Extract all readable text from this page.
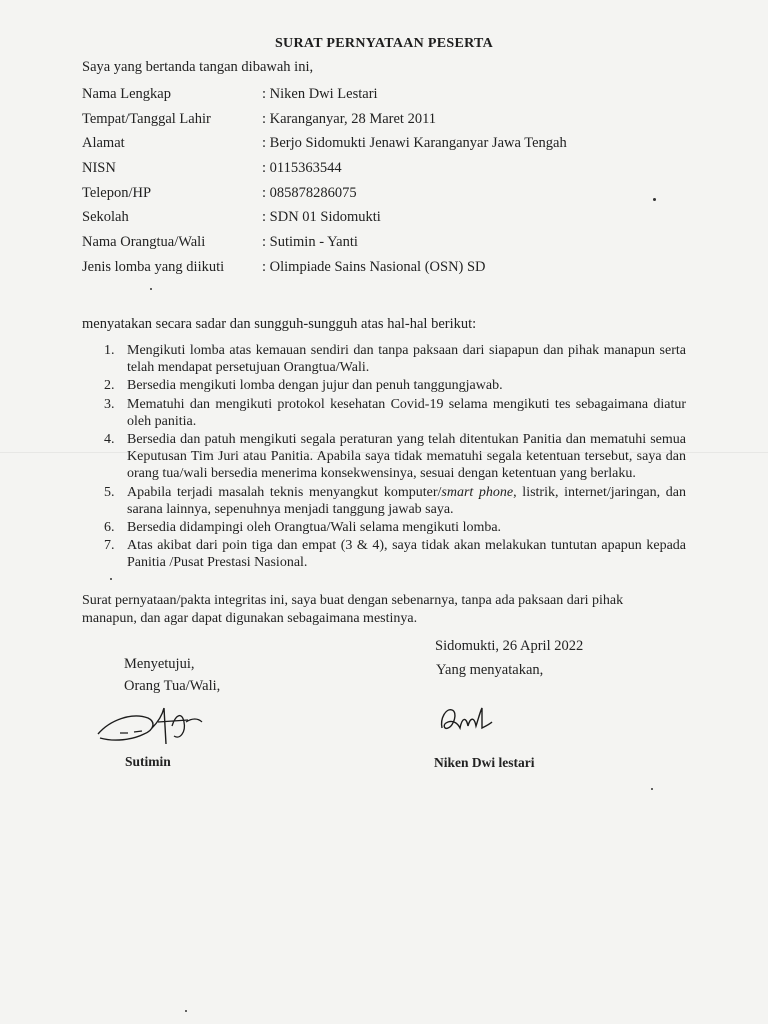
SURAT PERNYATAAN PESERTA
Saya yang bertanda tangan dibawah ini,
Nama Lengkap	: Niken Dwi Lestari
Tempat/Tanggal Lahir	: Karanganyar, 28 Maret 2011
Alamat	: Berjo Sidomukti Jenawi Karanganyar Jawa Tengah
NISN	: 0115363544
Telepon/HP	: 085878286075
Sekolah	: SDN 01 Sidomukti
Nama Orangtua/Wali	: Sutimin - Yanti
Jenis lomba yang diikuti	: Olimpiade Sains Nasional (OSN) SD
menyatakan secara sadar dan sungguh-sungguh atas hal-hal berikut:
1. Mengikuti lomba atas kemauan sendiri dan tanpa paksaan dari siapapun dan pihak manapun serta telah mendapat persetujuan Orangtua/Wali.
2. Bersedia mengikuti lomba dengan jujur dan penuh tanggungjawab.
3. Mematuhi dan mengikuti protokol kesehatan Covid-19 selama mengikuti tes sebagaimana diatur oleh panitia.
4. Bersedia dan patuh mengikuti segala peraturan yang telah ditentukan Panitia dan mematuhi semua Keputusan Tim Juri atau Panitia. Apabila saya tidak mematuhi segala ketentuan tersebut, saya dan orang tua/wali bersedia menerima konsekwensinya, sesuai dengan ketentuan yang berlaku.
5. Apabila terjadi masalah teknis menyangkut komputer/smart phone, listrik, internet/jaringan, dan sarana lainnya, sepenuhnya menjadi tanggung jawab saya.
6. Bersedia didampingi oleh Orangtua/Wali selama mengikuti lomba.
7. Atas akibat dari poin tiga dan empat (3 & 4), saya tidak akan melakukan tuntutan apapun kepada Panitia /Pusat Prestasi Nasional.
Surat pernyataan/pakta integritas ini, saya buat dengan sebenarnya, tanpa ada paksaan dari pihak manapun, dan agar dapat digunakan sebagaimana mestinya.
Sidomukti, 26 April 2022
Yang menyatakan,
Menyetujui,
Orang Tua/Wali,
Sutimin	Niken Dwi lestari
